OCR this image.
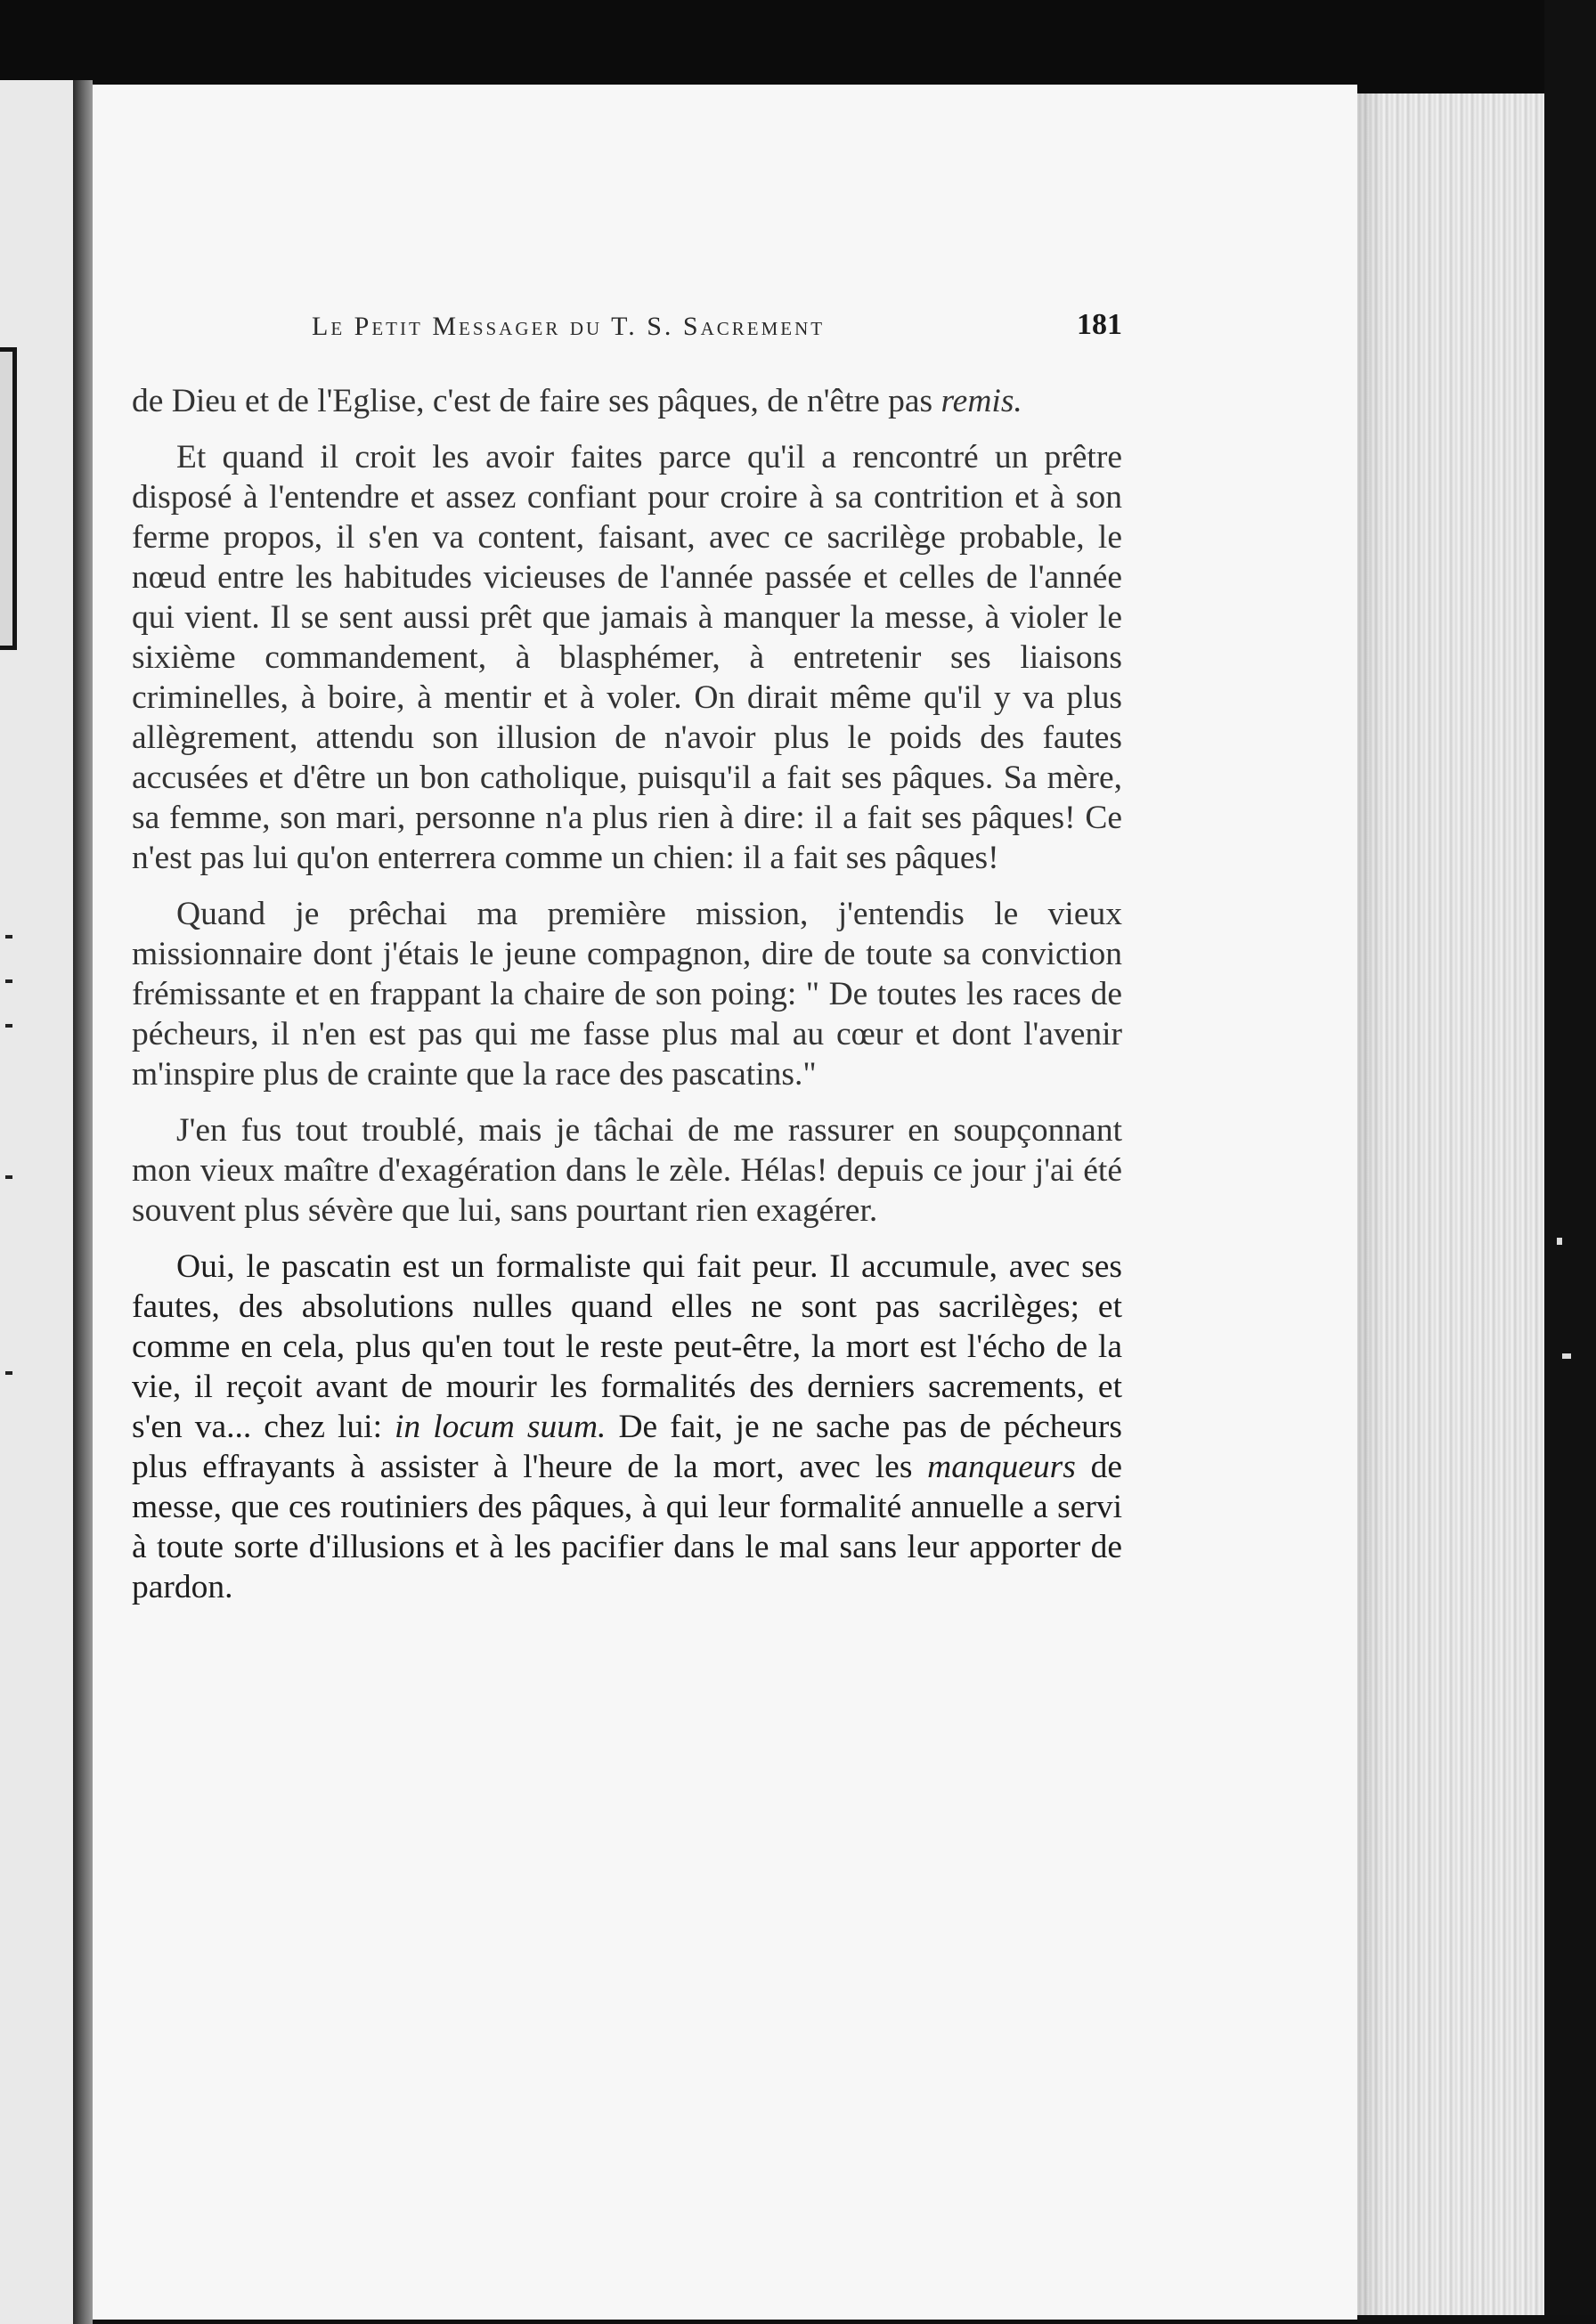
Le Petit Messager du T. S. Sacrement	181

de Dieu et de l'Eglise, c'est de faire ses pâques, de n'être pas remis.

Et quand il croit les avoir faites parce qu'il a rencontré un prêtre disposé à l'entendre et assez confiant pour croire à sa contrition et à son ferme propos, il s'en va content, faisant, avec ce sacrilège probable, le nœud entre les habitudes vicieuses de l'année passée et celles de l'année qui vient. Il se sent aussi prêt que jamais à manquer la messe, à violer le sixième commandement, à blasphémer, à entretenir ses liaisons criminelles, à boire, à mentir et à voler. On dirait même qu'il y va plus allègrement, attendu son illusion de n'avoir plus le poids des fautes accusées et d'être un bon catholique, puisqu'il a fait ses pâques. Sa mère, sa femme, son mari, personne n'a plus rien à dire: il a fait ses pâques! Ce n'est pas lui qu'on enterrera comme un chien: il a fait ses pâques!

Quand je prêchai ma première mission, j'entendis le vieux missionnaire dont j'étais le jeune compagnon, dire de toute sa conviction frémissante et en frappant la chaire de son poing: " De toutes les races de pécheurs, il n'en est pas qui me fasse plus mal au cœur et dont l'avenir m'inspire plus de crainte que la race des pascatins."

J'en fus tout troublé, mais je tâchai de me rassurer en soupçonnant mon vieux maître d'exagération dans le zèle. Hélas! depuis ce jour j'ai été souvent plus sévère que lui, sans pourtant rien exagérer.

Oui, le pascatin est un formaliste qui fait peur. Il accumule, avec ses fautes, des absolutions nulles quand elles ne sont pas sacrilèges; et comme en cela, plus qu'en tout le reste peut-être, la mort est l'écho de la vie, il reçoit avant de mourir les formalités des derniers sacrements, et s'en va... chez lui: in locum suum. De fait, je ne sache pas de pécheurs plus effrayants à assister à l'heure de la mort, avec les manqueurs de messe, que ces routiniers des pâques, à qui leur formalité annuelle a servi à toute sorte d'illusions et à les pacifier dans le mal sans leur apporter de pardon.
